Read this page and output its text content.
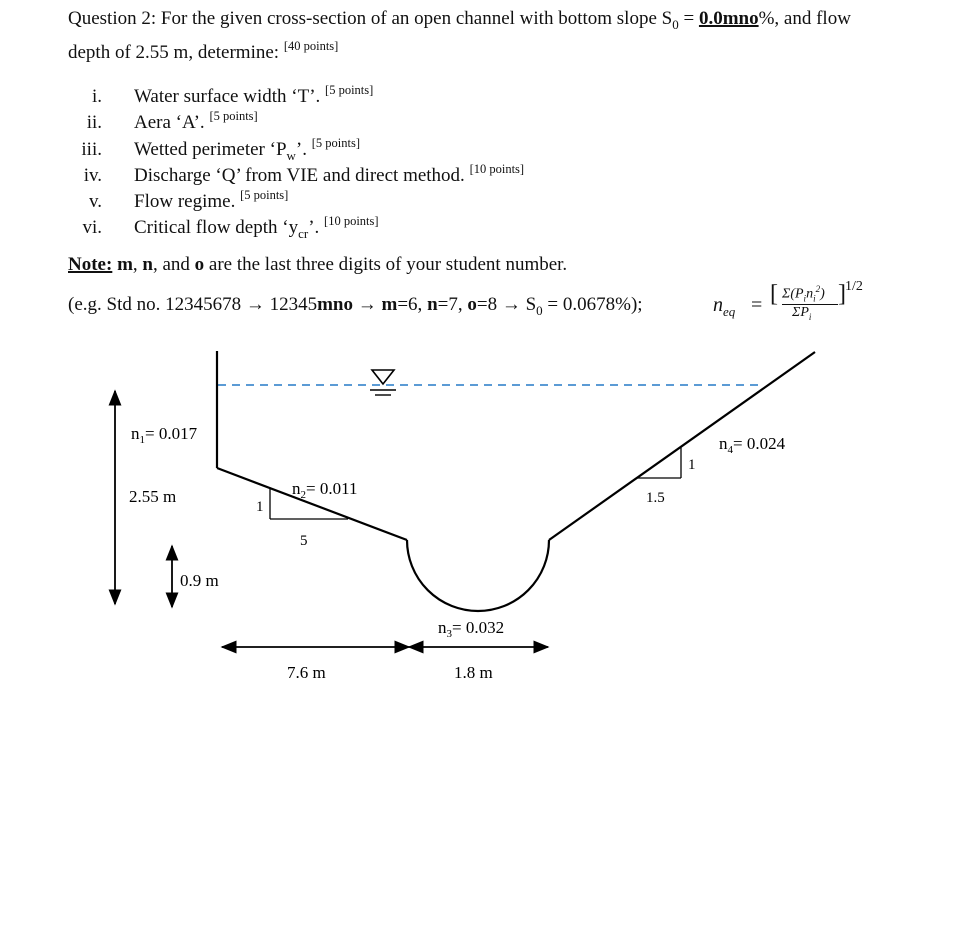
Question 2: For the given cross-section of an open channel with bottom slope $S_0 = 0.0mno\%$, and flow
depth of 2.55 m, determine: [40 points]
i. Water surface width ‘T’. [5 points]
ii. Aera ‘A’. [5 points]
iii. Wetted perimeter ‘$P_w$’. [5 points]
iv. Discharge ‘Q’ from VIE and direct method. [10 points]
v. Flow regime. [5 points]
vi. Critical flow depth ‘$y_{cr}$’. [10 points]
Note: m, n, and o are the last three digits of your student number.
(e.g. Std no. 12345678 → 12345mno → m=6, n=7, $o=8 \to S_0 = 0.0678\%$);	$n_{eq}$ = [ $\Sigma(P_in_i^2)$
$\Sigma P_i$
] 1/2
$n_1= 0.017$
2.55 m
0.9 m
$n_2= 0.011$
1
5
$n_3= 0.032$
$n_4= 0.024$
1
1.5
7.6 m	1.8 m
